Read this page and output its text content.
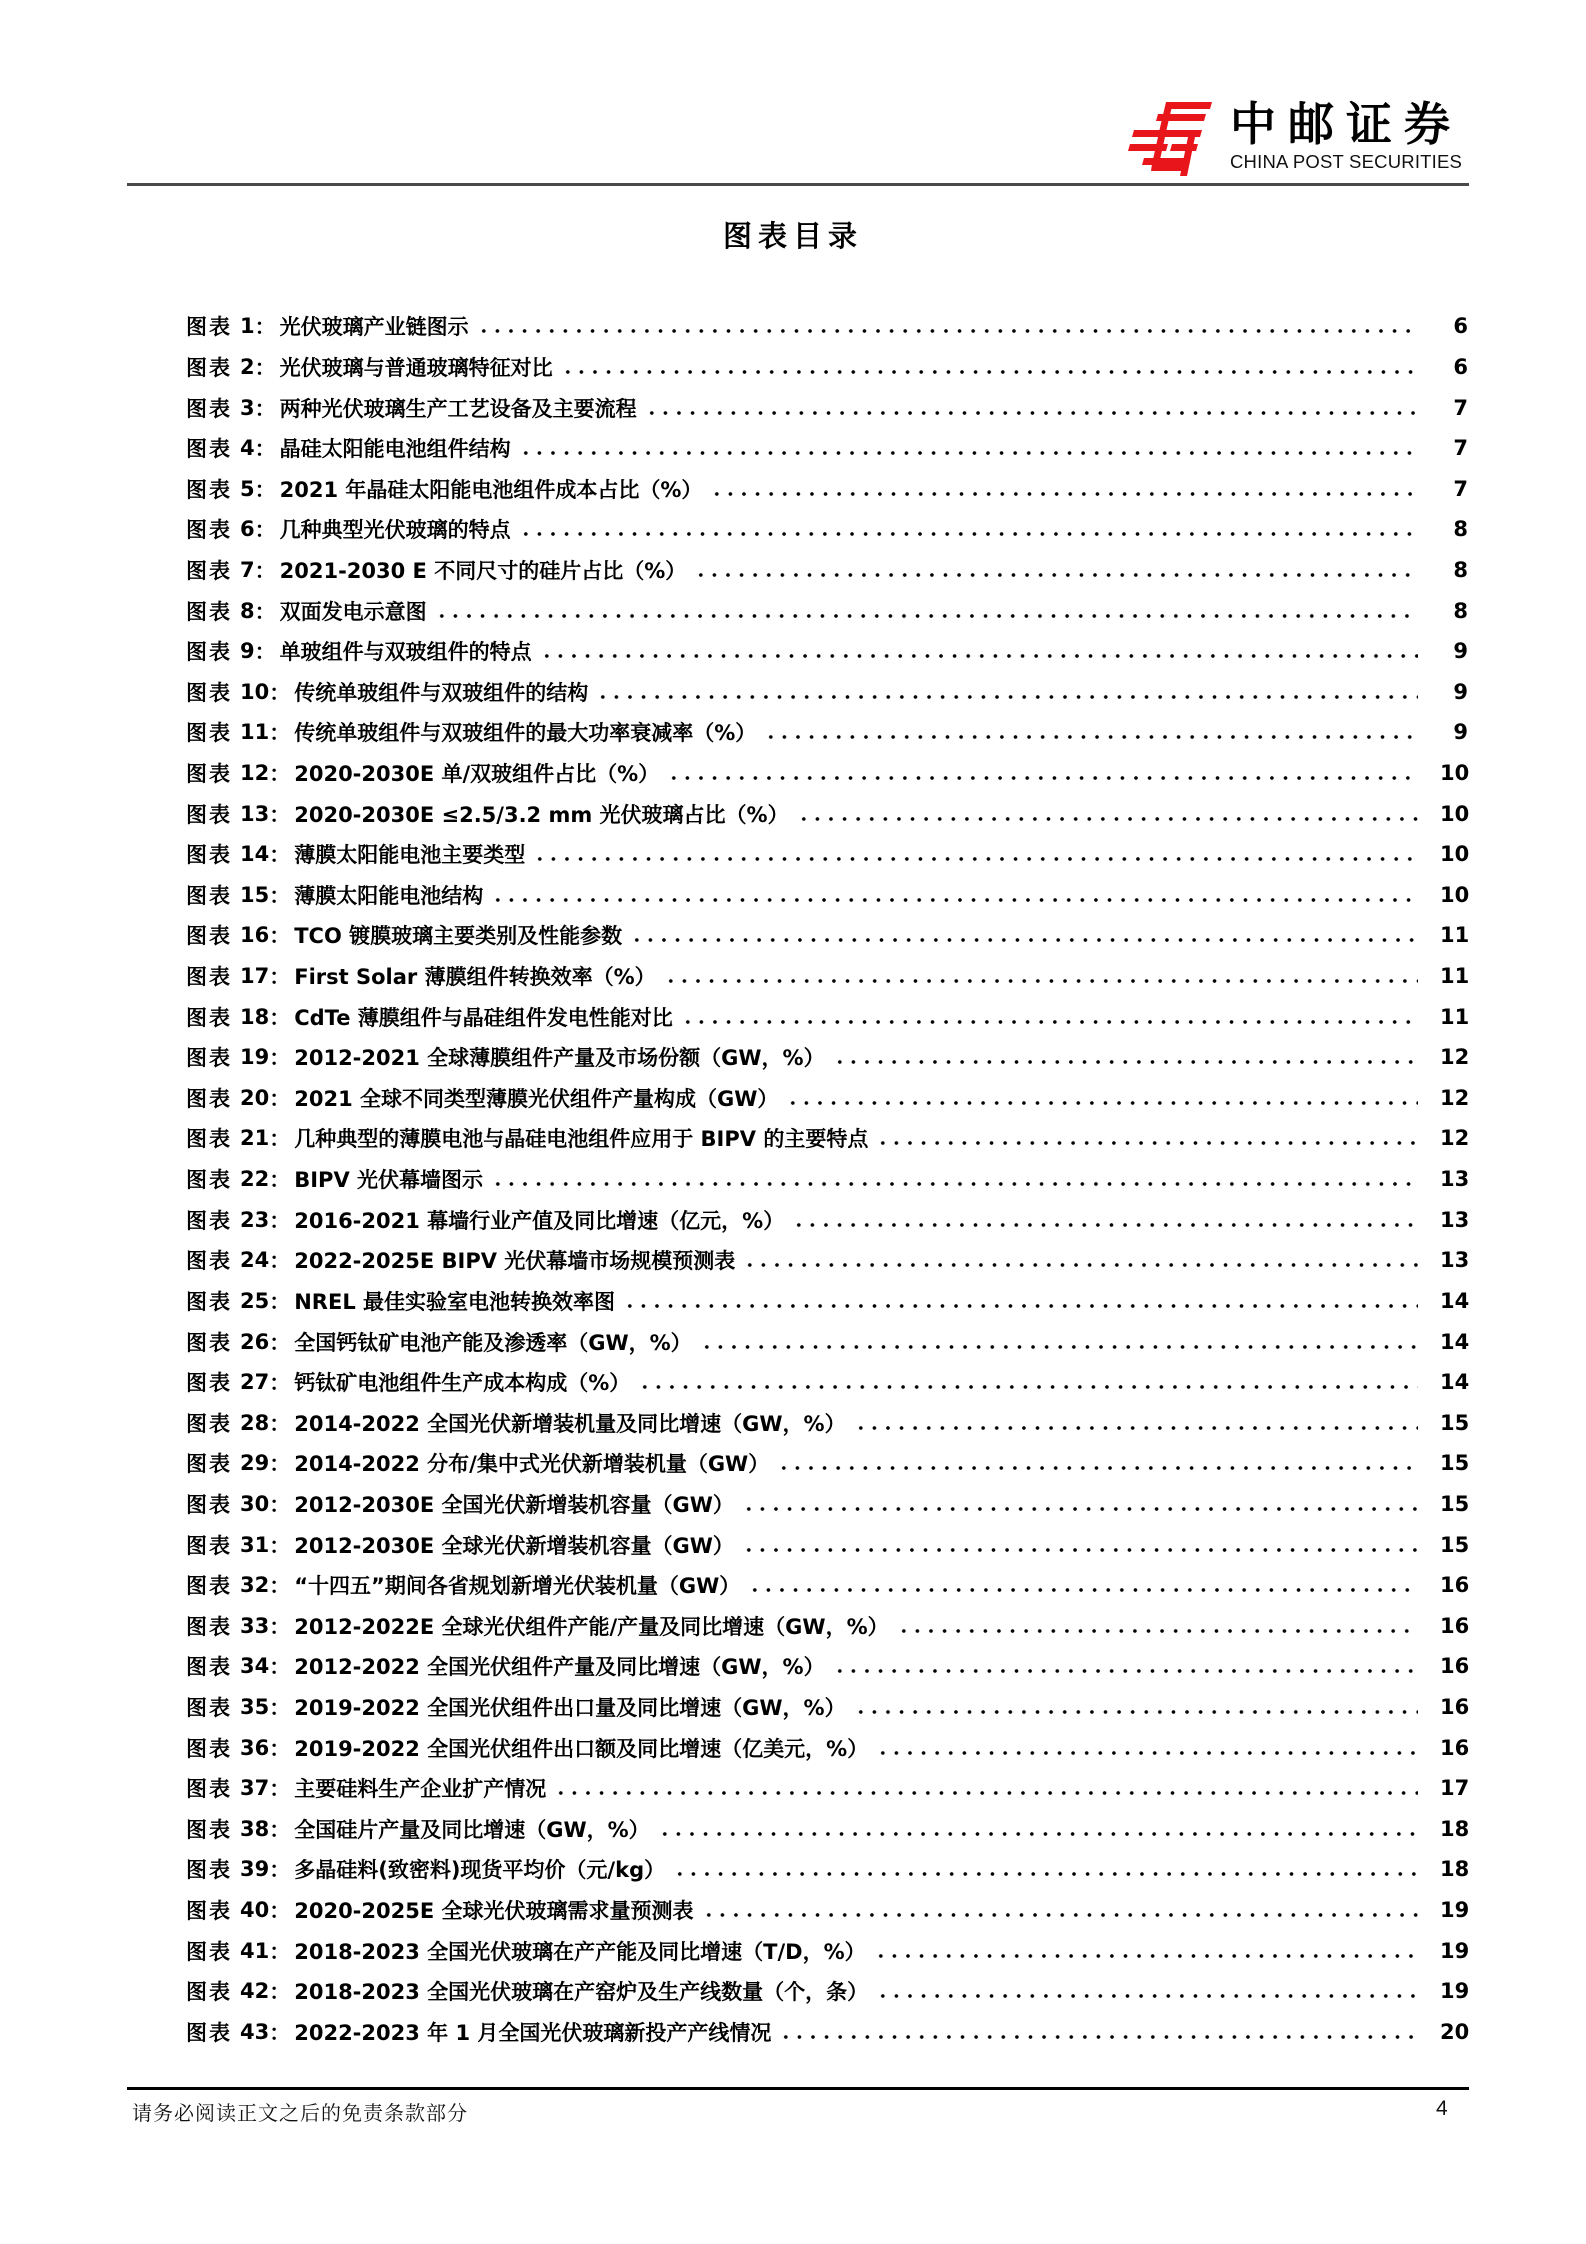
中邮证券
CHINA POST SECURITIES
图表目录
图表 1 ： 光伏玻璃产业链图示	6
图表 2 ： 光伏玻璃与普通玻璃特征对比	6
图表 3 ： 两种光伏玻璃生产工艺设备及主要流程	7
图表 4 ： 晶硅太阳能电池组件结构	7
图表 5 ： 2021 年晶硅太阳能电池组件成本占比（%）	7
图表 6 ： 几种典型光伏玻璃的特点	8
图表 7 ： 2021-2030 E 不同尺寸的硅片占比（%）	8
图表 8 ： 双面发电示意图	8
图表 9 ： 单玻组件与双玻组件的特点	9
图表 10 ： 传统单玻组件与双玻组件的结构	9
图表 11 ： 传统单玻组件与双玻组件的最大功率衰减率（%）	9
图表 12 ： 2020-2030E 单/双玻组件占比（%）	10
图表 13 ： 2020-2030E ≤2.5/3.2 mm 光伏玻璃占比（%）	10
图表 14 ： 薄膜太阳能电池主要类型	10
图表 15 ： 薄膜太阳能电池结构	10
图表 16 ： TCO 镀膜玻璃主要类别及性能参数	11
图表 17 ： First Solar 薄膜组件转换效率（%）	11
图表 18 ： CdTe 薄膜组件与晶硅组件发电性能对比	11
图表 19 ： 2012-2021 全球薄膜组件产量及市场份额（GW，%）	12
图表 20 ： 2021 全球不同类型薄膜光伏组件产量构成（GW）	12
图表 21 ： 几种典型的薄膜电池与晶硅电池组件应用于 BIPV 的主要特点	12
图表 22 ： BIPV 光伏幕墙图示	13
图表 23 ： 2016-2021 幕墙行业产值及同比增速（亿元，%）	13
图表 24 ： 2022-2025E BIPV 光伏幕墙市场规模预测表	13
图表 25 ： NREL 最佳实验室电池转换效率图	14
图表 26 ： 全国钙钛矿电池产能及渗透率（GW，%）	14
图表 27 ： 钙钛矿电池组件生产成本构成（%）	14
图表 28 ： 2014-2022 全国光伏新增装机量及同比增速（GW，%）	15
图表 29 ： 2014-2022 分布/集中式光伏新增装机量（GW）	15
图表 30 ： 2012-2030E 全国光伏新增装机容量（GW）	15
图表 31 ： 2012-2030E 全球光伏新增装机容量（GW）	15
图表 32 ： “十四五”期间各省规划新增光伏装机量（GW）	16
图表 33 ： 2012-2022E 全球光伏组件产能/产量及同比增速（GW，%）	16
图表 34 ： 2012-2022 全国光伏组件产量及同比增速（GW，%）	16
图表 35 ： 2019-2022 全国光伏组件出口量及同比增速（GW，%）	16
图表 36 ： 2019-2022 全国光伏组件出口额及同比增速（亿美元，%）	16
图表 37 ： 主要硅料生产企业扩产情况	17
图表 38 ： 全国硅片产量及同比增速（GW，%）	18
图表 39 ： 多晶硅料(致密料)现货平均价（元/kg）	18
图表 40 ： 2020-2025E 全球光伏玻璃需求量预测表	19
图表 41 ： 2018-2023 全国光伏玻璃在产产能及同比增速（T/D，%）	19
图表 42 ： 2018-2023 全国光伏玻璃在产窑炉及生产线数量（个，条）	19
图表 43 ： 2022-2023 年 1 月全国光伏玻璃新投产产线情况	20
请务必阅读正文之后的免责条款部分	4
